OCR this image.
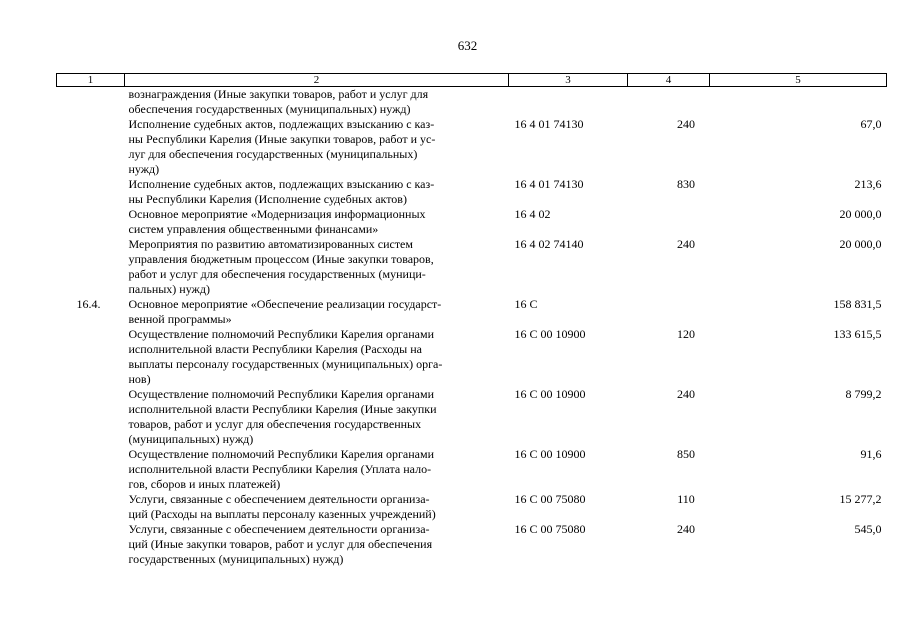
632
1	2	3	4	5

	вознаграждения (Иные закупки товаров, работ и услуг для
обеспечения государственных (муниципальных) нужд)			

	Исполнение судебных актов, подлежащих взысканию с каз-
ны Республики Карелия (Иные закупки товаров, работ и ус-
луг для обеспечения государственных (муниципальных)
нужд)	16 4 01 74130	240	67,0

	Исполнение судебных актов, подлежащих взысканию с каз-
ны Республики Карелия (Исполнение судебных актов)	16 4 01 74130	830	213,6

	Основное мероприятие «Модернизация информационных
систем управления общественными финансами»	16 4 02		20 000,0

	Мероприятия по развитию автоматизированных систем
управления бюджетным процессом (Иные закупки товаров,
работ и услуг для обеспечения государственных (муници-
пальных) нужд)	16 4 02 74140	240	20 000,0
16.4.	Основное мероприятие «Обеспечение реализации государст-
венной программы»	16 С		158 831,5

	Осуществление полномочий Республики Карелия органами
исполнительной власти Республики Карелия (Расходы на
выплаты персоналу государственных (муниципальных) орга-
нов)	16 С 00 10900	120	133 615,5

	Осуществление полномочий Республики Карелия органами
исполнительной власти Республики Карелия (Иные закупки
товаров, работ и услуг для обеспечения государственных
(муниципальных) нужд)	16 С 00 10900	240	8 799,2

	Осуществление полномочий Республики Карелия органами
исполнительной власти Республики Карелия (Уплата нало-
гов, сборов и иных платежей)	16 С 00 10900	850	91,6

	Услуги, связанные с обеспечением деятельности организа-
ций (Расходы на выплаты персоналу казенных учреждений)	16 С 00 75080	110	15 277,2

	Услуги, связанные с обеспечением деятельности организа-
ций (Иные закупки товаров, работ и услуг для обеспечения
государственных (муниципальных) нужд)	16 С 00 75080	240	545,0
